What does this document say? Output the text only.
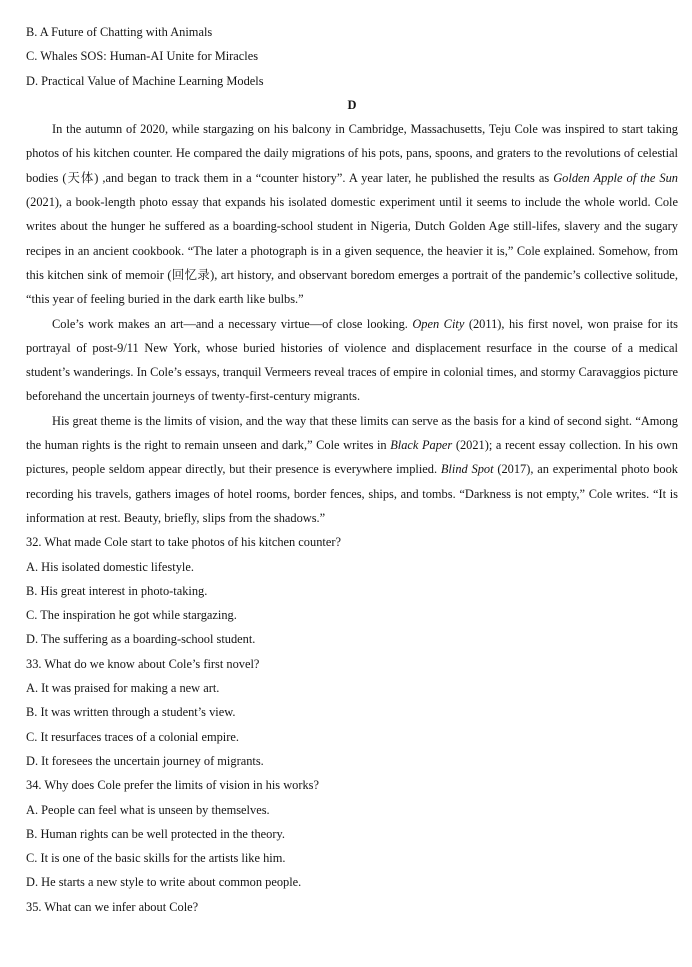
B. A Future of Chatting with Animals
C. Whales SOS: Human-AI Unite for Miracles
D. Practical Value of Machine Learning Models
D

In the autumn of 2020, while stargazing on his balcony in Cambridge, Massachusetts, Teju Cole was inspired to start taking photos of his kitchen counter. He compared the daily migrations of his pots, pans, spoons, and graters to the revolutions of celestial bodies (天体) ,and began to track them in a “counter history”. A year later, he published the results as Golden Apple of the Sun (2021), a book-length photo essay that expands his isolated domestic experiment until it seems to include the whole world. Cole writes about the hunger he suffered as a boarding-school student in Nigeria, Dutch Golden Age still-lifes, slavery and the sugary recipes in an ancient cookbook. “The later a photograph is in a given sequence, the heavier it is,” Cole explained. Somehow, from this kitchen sink of memoir (回忆录), art history, and observant boredom emerges a portrait of the pandemic’s collective solitude, “this year of feeling buried in the dark earth like bulbs.”

Cole’s work makes an art—and a necessary virtue—of close looking. Open City (2011), his first novel, won praise for its portrayal of post-9/11 New York, whose buried histories of violence and displacement resurface in the course of a medical student’s wanderings. In Cole’s essays, tranquil Vermeers reveal traces of empire in colonial times, and stormy Caravaggios picture beforehand the uncertain journeys of twenty-first-century migrants.

His great theme is the limits of vision, and the way that these limits can serve as the basis for a kind of second sight. “Among the human rights is the right to remain unseen and dark,” Cole writes in Black Paper (2021); a recent essay collection. In his own pictures, people seldom appear directly, but their presence is everywhere implied. Blind Spot (2017), an experimental photo book recording his travels, gathers images of hotel rooms, border fences, ships, and tombs. “Darkness is not empty,” Cole writes. “It is information at rest. Beauty, briefly, slips from the shadows.”

32. What made Cole start to take photos of his kitchen counter?
A. His isolated domestic lifestyle.
B. His great interest in photo-taking.
C. The inspiration he got while stargazing.
D. The suffering as a boarding-school student.
33. What do we know about Cole’s first novel?
A. It was praised for making a new art.
B. It was written through a student’s view.
C. It resurfaces traces of a colonial empire.
D. It foresees the uncertain journey of migrants.
34. Why does Cole prefer the limits of vision in his works?
A. People can feel what is unseen by themselves.
B. Human rights can be well protected in the theory.
C. It is one of the basic skills for the artists like him.
D. He starts a new style to write about common people.
35. What can we infer about Cole?
